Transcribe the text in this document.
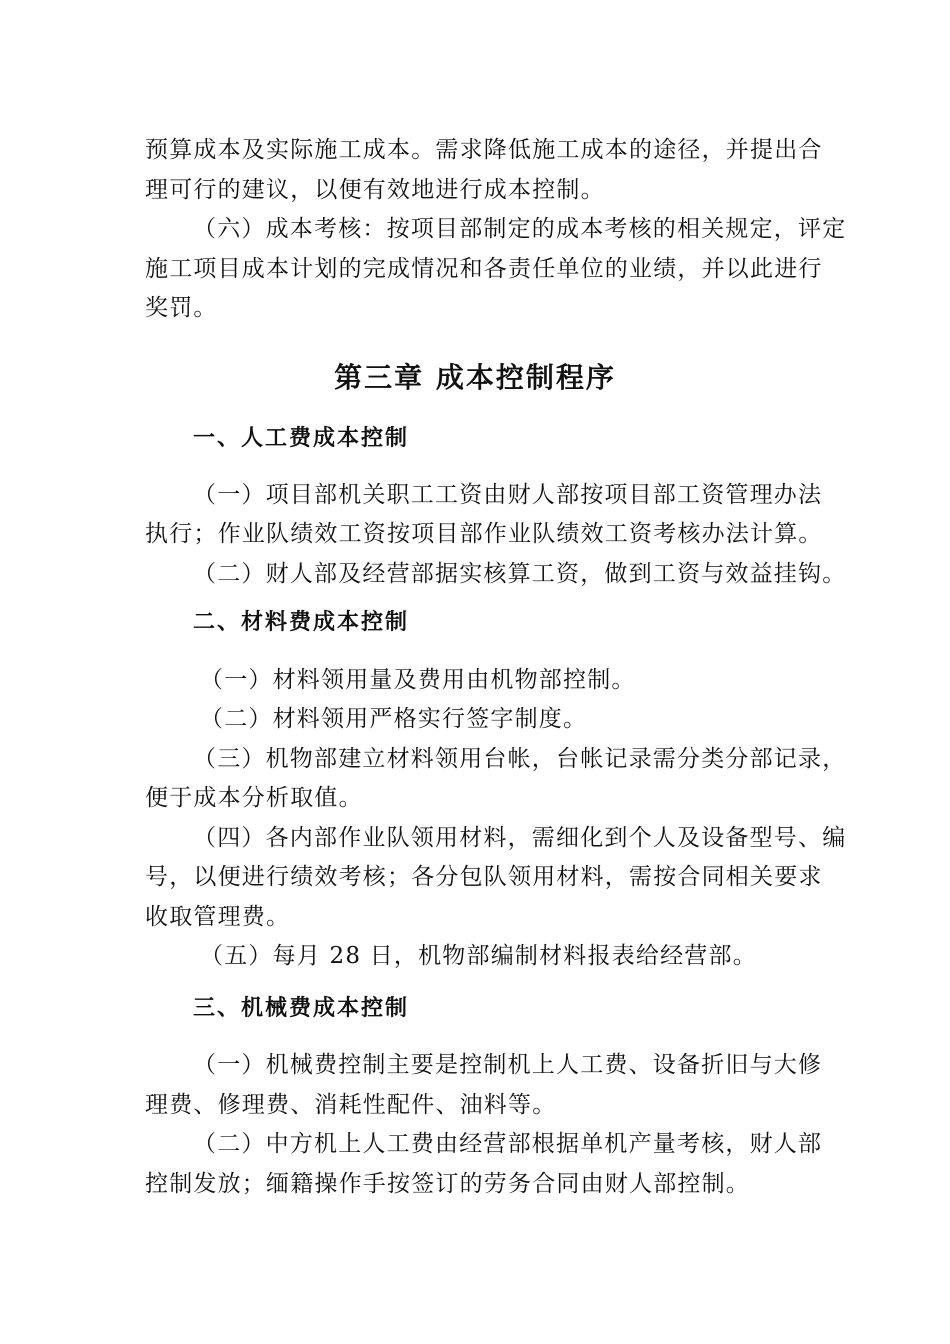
预算成本及实际施工成本。需求降低施工成本的途径，并提出合
理可行的建议，以便有效地进行成本控制。
（六）成本考核：按项目部制定的成本考核的相关规定，评定
施工项目成本计划的完成情况和各责任单位的业绩，并以此进行
奖罚。
第三章 成本控制程序
一、人工费成本控制
（一）项目部机关职工工资由财人部按项目部工资管理办法
执行；作业队绩效工资按项目部作业队绩效工资考核办法计算。
（二）财人部及经营部据实核算工资，做到工资与效益挂钩。
二、材料费成本控制
（一）材料领用量及费用由机物部控制。
（二）材料领用严格实行签字制度。
（三）机物部建立材料领用台帐，台帐记录需分类分部记录，
便于成本分析取值。
（四）各内部作业队领用材料，需细化到个人及设备型号、编
号，以便进行绩效考核；各分包队领用材料，需按合同相关要求
收取管理费。
（五）每月 28 日，机物部编制材料报表给经营部。
三、机械费成本控制
（一）机械费控制主要是控制机上人工费、设备折旧与大修
理费、修理费、消耗性配件、油料等。
（二）中方机上人工费由经营部根据单机产量考核，财人部
控制发放；缅籍操作手按签订的劳务合同由财人部控制。
